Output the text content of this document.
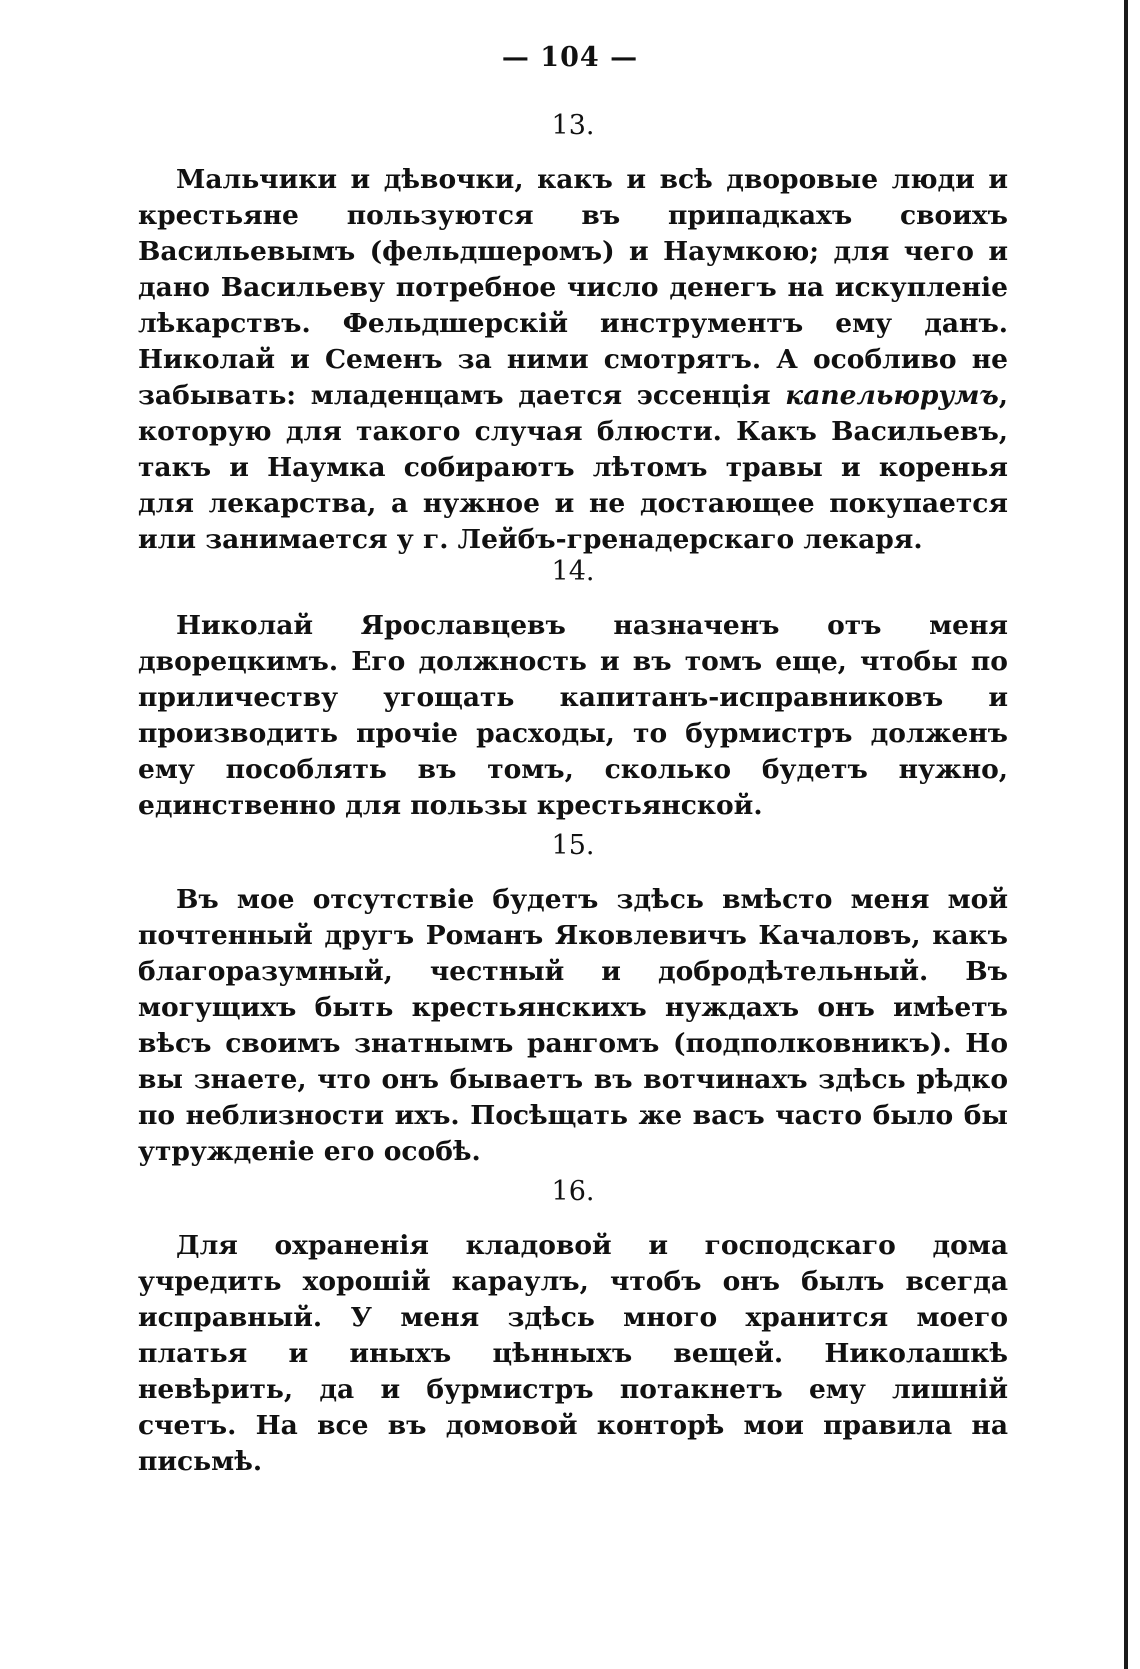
— 104 —
13.

Мальчики и дѣвочки, какъ и всѣ дворовые люди и крестьяне пользуются въ припадкахъ своихъ Васильевымъ (фельдшеромъ) и Наумкою; для чего и дано Васильеву потребное число денегъ на искупленіе лѣкарствъ. Фельдшерскій инструментъ ему данъ. Николай и Семенъ за ними смотрятъ. А особливо не забывать: младенцамъ дается эссенція капельюрумъ, которую для такого случая блюсти. Какъ Васильевъ, такъ и Наумка собираютъ лѣтомъ травы и коренья для лекарства, а нужное и не достающее покупается или занимается у г. Лейбъ-гренадерскаго лекаря.

14.

Николай Ярославцевъ назначенъ отъ меня дворецкимъ. Его должность и въ томъ еще, чтобы по приличеству угощать капитанъ-исправниковъ и производить прочіе расходы, то бурмистръ долженъ ему пособлять въ томъ, сколько будетъ нужно, единственно для пользы крестьянской.

15.

Въ мое отсутствіе будетъ здѣсь вмѣсто меня мой почтенный другъ Романъ Яковлевичъ Качаловъ, какъ благоразумный, честный и добродѣтельный. Въ могущихъ быть крестьянскихъ нуждахъ онъ имѣетъ вѣсъ своимъ знатнымъ рангомъ (подполковникъ). Но вы знаете, что онъ бываетъ въ вотчинахъ здѣсь рѣдко по неблизности ихъ. Посѣщать же васъ часто было бы утружденіе его особѣ.

16.

Для охраненія кладовой и господскаго дома учредить хорошій караулъ, чтобъ онъ былъ всегда исправный. У меня здѣсь много хранится моего платья и иныхъ цѣнныхъ вещей. Николашкѣ невѣрить, да и бурмистръ потакнетъ ему лишній счетъ. На все въ домовой конторѣ мои правила на письмѣ.
